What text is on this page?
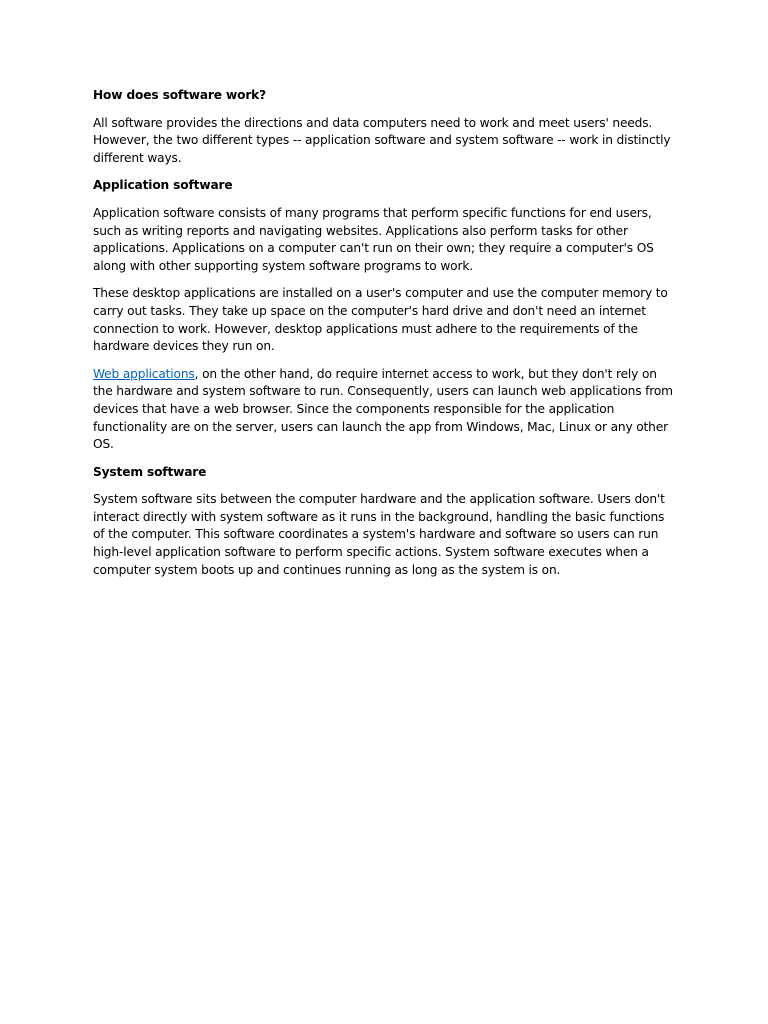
How does software work?

All software provides the directions and data computers need to work and meet users' needs. However, the two different types -- application software and system software -- work in distinctly different ways.

Application software

Application software consists of many programs that perform specific functions for end users, such as writing reports and navigating websites. Applications also perform tasks for other applications. Applications on a computer can't run on their own; they require a computer's OS along with other supporting system software programs to work.

These desktop applications are installed on a user's computer and use the computer memory to carry out tasks. They take up space on the computer's hard drive and don't need an internet connection to work. However, desktop applications must adhere to the requirements of the hardware devices they run on.

Web applications, on the other hand, do require internet access to work, but they don't rely on the hardware and system software to run. Consequently, users can launch web applications from devices that have a web browser. Since the components responsible for the application functionality are on the server, users can launch the app from Windows, Mac, Linux or any other OS.

System software

System software sits between the computer hardware and the application software. Users don't interact directly with system software as it runs in the background, handling the basic functions of the computer. This software coordinates a system's hardware and software so users can run high-level application software to perform specific actions. System software executes when a computer system boots up and continues running as long as the system is on.
